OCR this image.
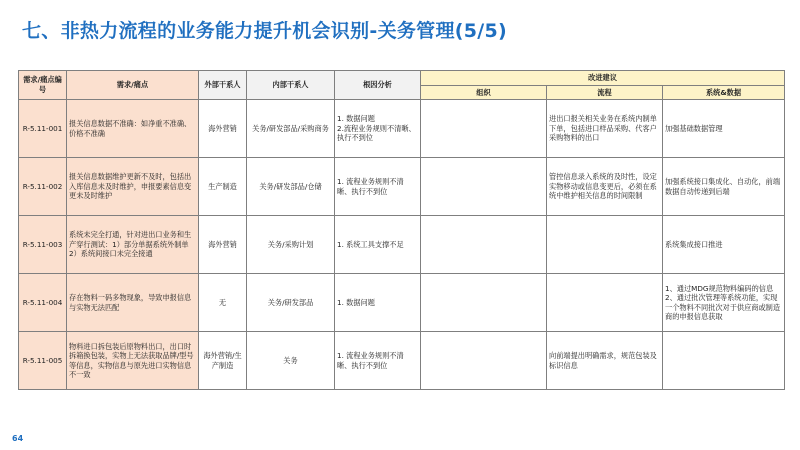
七、非热力流程的业务能力提升机会识别-关务管理(5/5)
需求/痛点编号	需求/痛点	外部干系人	内部干系人	根因分析	改进建议		
					组织	流程	系统&数据
R-5.11-001	报关信息数据不准确：如净重不准确、价格不准确	海外营销	关务/研发部品/采购商务	1. 数据问题
2.流程业务规则不清晰、执行不到位		进出口报关相关业务在系统内制单下单，包括进口样品采购、代客户采购物料的出口	加强基础数据管理
R-5.11-002	报关信息数据维护更新不及时，包括出入库信息未及时维护，申报要素信息变更未及时维护	生产制造	关务/研发部品/仓储	1. 流程业务规则不清晰、执行不到位		管控信息录入系统的及时性，设定实物移动或信息变更后，必须在系统中维护相关信息的时间限制	加强系统接口集成化、自动化，前端数据自动传递到后端
R-5.11-003	系统未完全打通，针对进出口业务和生产穿行测试：1）部分单据系统外制单
2）系统间接口未完全接通	海外营销	关务/采购计划	1. 系统工具支撑不足			系统集成接口推进
R-5.11-004	存在物料一码多物现象，导致申报信息与实物无法匹配	无	关务/研发部品	1. 数据问题			1、通过MDG规范物料编码的信息
2、通过批次管理等系统功能，实现一个物料不同批次对于供应商或制造商的申报信息获取
R-5.11-005	物料进口拆包装后原物料出口，出口时拆箱换包装，实物上无法获取品牌/型号等信息，实物信息与原先进口实物信息不一致	海外营销/生产制造	关务	1. 流程业务规则不清晰、执行不到位		向前端提出明确需求，规范包装及标识信息	
64
